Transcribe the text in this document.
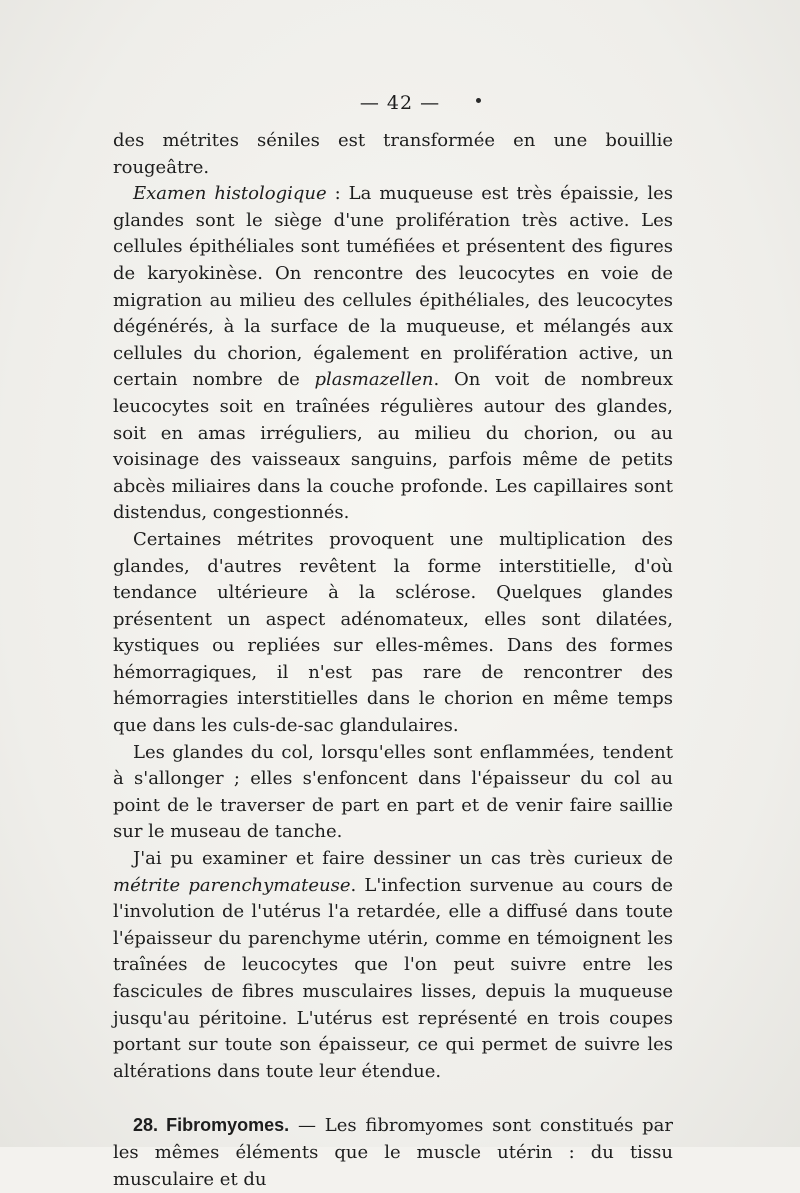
— 42 —

des métrites séniles est transformée en une bouillie rougeâtre.

Examen histologique : La muqueuse est très épaissie, les glandes sont le siège d'une prolifération très active. Les cellules épithéliales sont tuméfiées et présentent des figures de karyokinèse. On rencontre des leucocytes en voie de migration au milieu des cellules épithéliales, des leucocytes dégénérés, à la surface de la muqueuse, et mélangés aux cellules du chorion, également en prolifération active, un certain nombre de plasmazellen. On voit de nombreux leucocytes soit en traînées régulières autour des glandes, soit en amas irréguliers, au milieu du chorion, ou au voisinage des vaisseaux sanguins, parfois même de petits abcès miliaires dans la couche profonde. Les capillaires sont distendus, congestionnés.

Certaines métrites provoquent une multiplication des glandes, d'autres revêtent la forme interstitielle, d'où tendance ultérieure à la sclérose. Quelques glandes présentent un aspect adénomateux, elles sont dilatées, kystiques ou repliées sur elles-mêmes. Dans des formes hémorragiques, il n'est pas rare de rencontrer des hémorragies interstitielles dans le chorion en même temps que dans les culs-de-sac glandulaires.

Les glandes du col, lorsqu'elles sont enflammées, tendent à s'allonger ; elles s'enfoncent dans l'épaisseur du col au point de le traverser de part en part et de venir faire saillie sur le museau de tanche.

J'ai pu examiner et faire dessiner un cas très curieux de métrite parenchymateuse. L'infection survenue au cours de l'involution de l'utérus l'a retardée, elle a diffusé dans toute l'épaisseur du parenchyme utérin, comme en témoignent les traînées de leucocytes que l'on peut suivre entre les fascicules de fibres musculaires lisses, depuis la muqueuse jusqu'au péritoine. L'utérus est représenté en trois coupes portant sur toute son épaisseur, ce qui permet de suivre les altérations dans toute leur étendue.

28. Fibromyomes. — Les fibromyomes sont constitués par les mêmes éléments que le muscle utérin : du tissu musculaire et du
